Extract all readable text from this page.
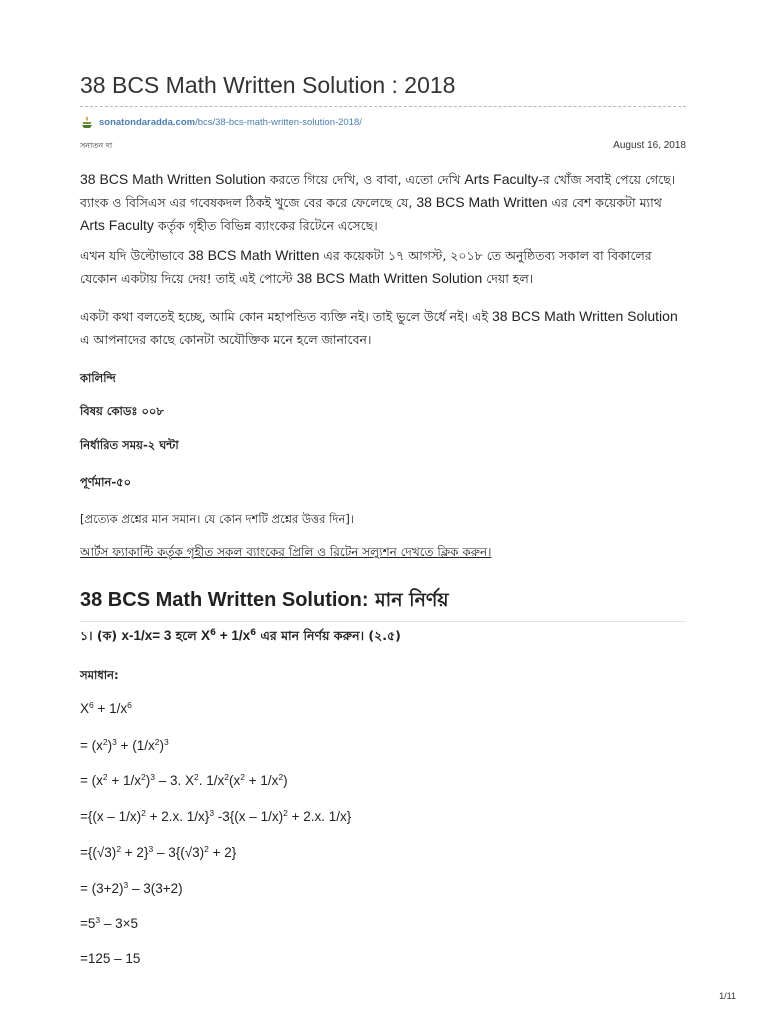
38 BCS Math Written Solution : 2018
sonatondaradda.com /bcs/38-bcs-math-written-solution-2018/
সনাতন দা	August 16, 2018
38 BCS Math Written Solution করতে গিয়ে দেখি, ও বাবা, এতো দেখি Arts Faculty-র খোঁজ সবাই পেয়ে গেছে। ব্যাংক ও বিসিএস এর গবেষকদল ঠিকই খুজে বের করে ফেলেছে যে, 38 BCS Math Written এর বেশ কয়েকটা ম্যাথ Arts Faculty কর্তৃক গৃহীত বিভিন্ন ব্যাংকের রিটেনে এসেছে।
এখন যদি উল্টোভাবে 38 BCS Math Written এর কয়েকটা ১৭ আগস্ট, ২০১৮ তে অনুষ্ঠিতব্য সকাল বা বিকালের যেকোন একটায় দিয়ে দেয়! তাই এই পোস্টে 38 BCS Math Written Solution দেয়া হল।
একটা কথা বলতেই হচ্ছে, আমি কোন মহাপন্ডিত ব্যক্তি নই। তাই ভুলে উর্ধে নই। এই 38 BCS Math Written Solution এ আপনাদের কাছে কোনটা অযৌক্তিক মনে হলে জানাবেন।
কালিন্দি
বিষয় কোডঃ ০০৮
নির্ধারিত সময়-২ ঘন্টা
পূর্ণমান-৫০
[প্রত্যেক প্রশ্নের মান সমান। যে কোন দশটি প্রশ্নের উত্তর দিন]।
আর্টস ফ্যাকাল্টি কর্তৃক গৃহীত সকল ব্যাংকের প্রিলি ও রিটেন সল্যুশন দেখতে ক্লিক করুন।
38 BCS Math Written Solution: মান নির্ণয়
১। (ক) x-1/x= 3 হলে $X^6 + 1/x^6$ এর মান নির্ণয় করুন। (২.৫)
সমাধান:
$X^6 + 1/x^6$
= $(x^2)^3 + (1/x^2)^3$
= $(x^2 + 1/x^2)^3 - 3$. $X^2$. $1/x^2(x^2 + 1/x^2)$
={(x – 1/x)$^2$ + 2.x. 1/x}$^3$ -3{(x – 1/x)$^2$ + 2.x. 1/x}
$=\{(√3)^2 + 2\}^3 - 3\{(√3)^2 + 2\}$
= $(3+2)^3 - 3(3+2)$
$=5^3 - 3\times 5$
=125 – 15
1/11
